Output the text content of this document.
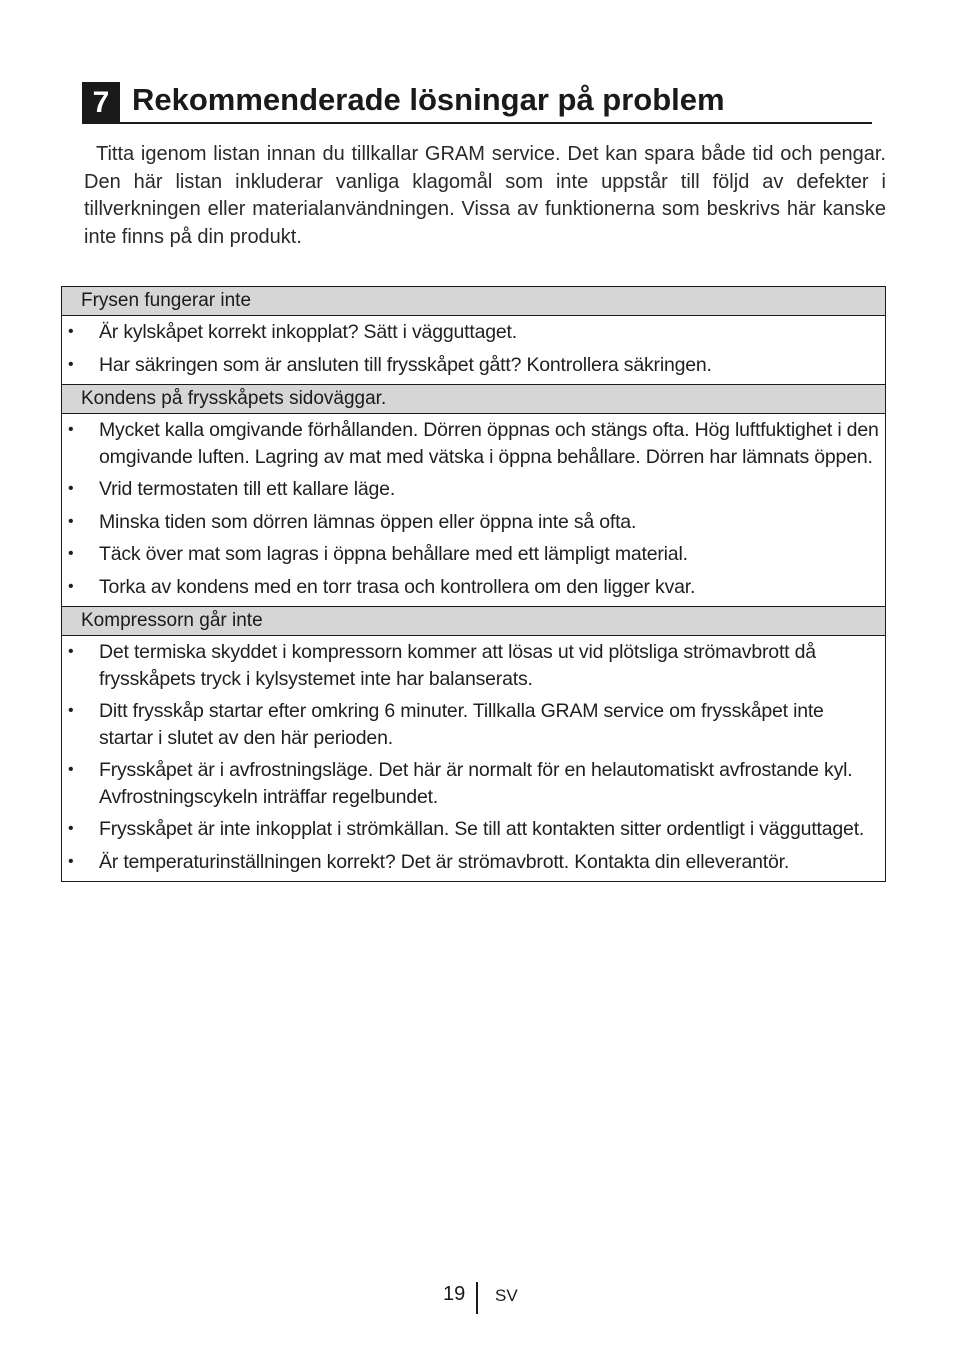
7 Rekommenderade lösningar på problem

Titta igenom listan innan du tillkallar GRAM service. Det kan spara både tid och pengar. Den här listan inkluderar vanliga klagomål som inte uppstår till följd av defekter i tillverkningen eller materialanvändningen. Vissa av funktionerna som beskrivs här kanske inte finns på din produkt.

Frysen fungerar inte
• Är kylskåpet korrekt inkopplat? Sätt i vägguttaget.
• Har säkringen som är ansluten till frysskåpet gått? Kontrollera säkringen.
Kondens på frysskåpets sidoväggar.
• Mycket kalla omgivande förhållanden. Dörren öppnas och stängs ofta. Hög luftfuktighet i den omgivande luften. Lagring av mat med vätska i öppna behållare. Dörren har lämnats öppen.
• Vrid termostaten till ett kallare läge.
• Minska tiden som dörren lämnas öppen eller öppna inte så ofta.
• Täck över mat som lagras i öppna behållare med ett lämpligt material.
• Torka av kondens med en torr trasa och kontrollera om den ligger kvar.
Kompressorn går inte
• Det termiska skyddet i kompressorn kommer att lösas ut vid plötsliga strömavbrott då frysskåpets tryck i kylsystemet inte har balanserats.
• Ditt frysskåp startar efter omkring 6 minuter. Tillkalla GRAM service om frysskåpet inte startar i slutet av den här perioden.
• Frysskåpet är i avfrostningsläge. Det här är normalt för en helautomatiskt avfrostande kyl. Avfrostningscykeln inträffar regelbundet.
• Frysskåpet är inte inkopplat i strömkällan. Se till att kontakten sitter ordentligt i vägguttaget.
• Är temperaturinställningen korrekt? Det är strömavbrott. Kontakta din elleverantör.
19 SV
